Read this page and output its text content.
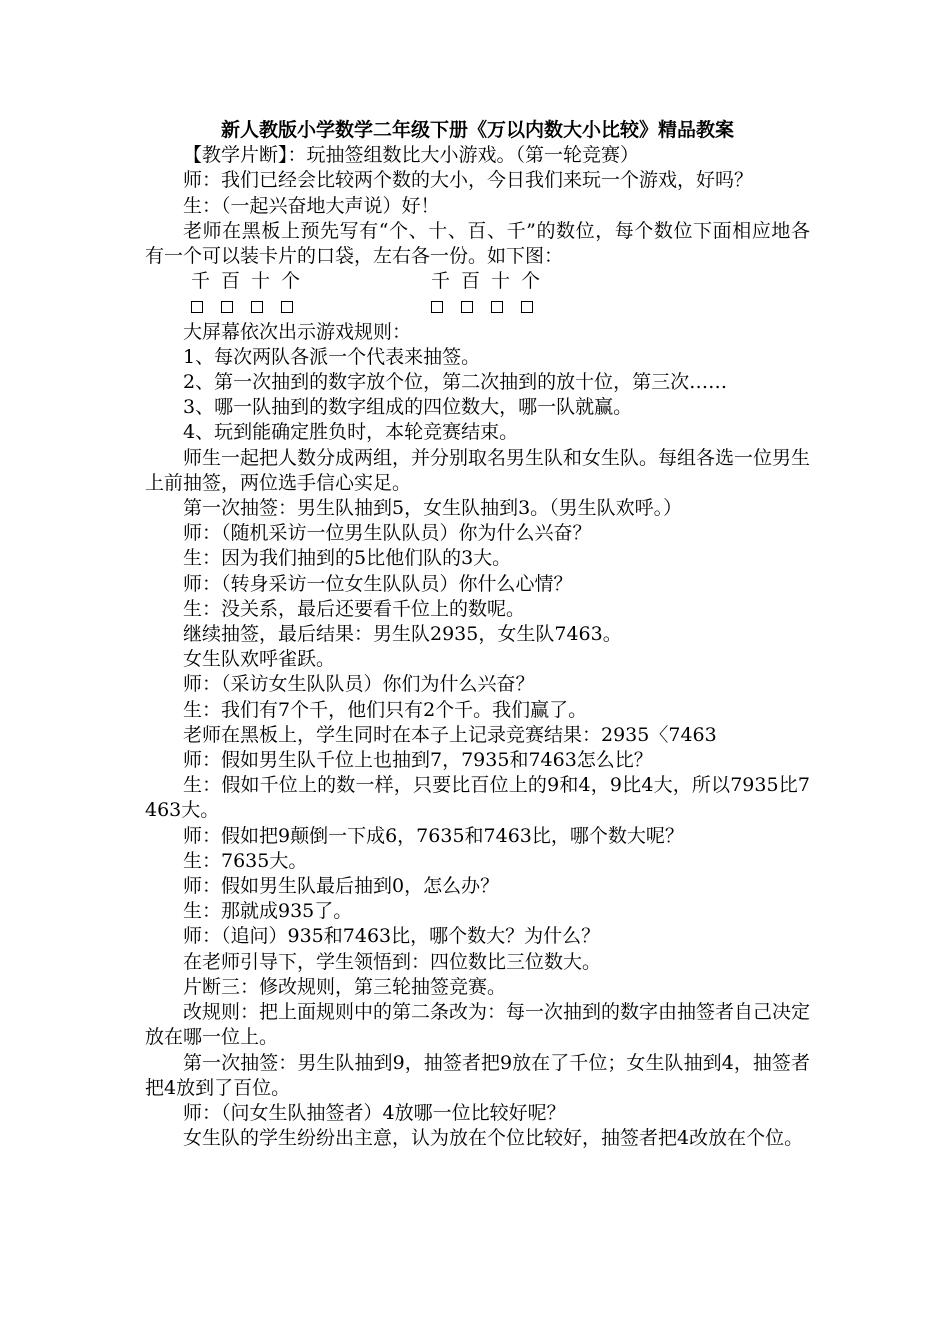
新人教版小学数学二年级下册《万以内数大小比较》精品教案

【教学片断】：玩抽签组数比大小游戏。（第一轮竞赛）

师：我们已经会比较两个数的大小，今日我们来玩一个游戏，好吗？

生：（一起兴奋地大声说）好！

老师在黑板上预先写有“个、十、百、千”的数位，每个数位下面相应地各有一个可以装卡片的口袋，左右各一份。如下图：

千 百 十 个	千 百 十 个

大屏幕依次出示游戏规则：

1、每次两队各派一个代表来抽签。

2、第一次抽到的数字放个位，第二次抽到的放十位，第三次……

3、哪一队抽到的数字组成的四位数大，哪一队就赢。

4、玩到能确定胜负时，本轮竞赛结束。

师生一起把人数分成两组，并分别取名男生队和女生队。每组各选一位男生上前抽签，两位选手信心实足。

第一次抽签：男生队抽到5，女生队抽到3。（男生队欢呼。）

师：（随机采访一位男生队队员）你为什么兴奋？

生：因为我们抽到的5比他们队的3大。

师：（转身采访一位女生队队员）你什么心情？

生：没关系，最后还要看千位上的数呢。

继续抽签，最后结果：男生队2935，女生队7463。

女生队欢呼雀跃。

师：（采访女生队队员）你们为什么兴奋？

生：我们有7个千，他们只有2个千。我们赢了。

老师在黑板上，学生同时在本子上记录竞赛结果：2935〈7463

师：假如男生队千位上也抽到7，7935和7463怎么比？

生：假如千位上的数一样，只要比百位上的9和4，9比4大，所以7935比7463大。

师：假如把9颠倒一下成6，7635和7463比，哪个数大呢？

生：7635大。

师：假如男生队最后抽到0，怎么办？

生：那就成935了。

师：（追问）935和7463比，哪个数大？为什么？

在老师引导下，学生领悟到：四位数比三位数大。

片断三：修改规则，第三轮抽签竞赛。

改规则：把上面规则中的第二条改为：每一次抽到的数字由抽签者自己决定放在哪一位上。

第一次抽签：男生队抽到9，抽签者把9放在了千位；女生队抽到4，抽签者把4放到了百位。

师：（问女生队抽签者）4放哪一位比较好呢？

女生队的学生纷纷出主意，认为放在个位比较好，抽签者把4改放在个位。
